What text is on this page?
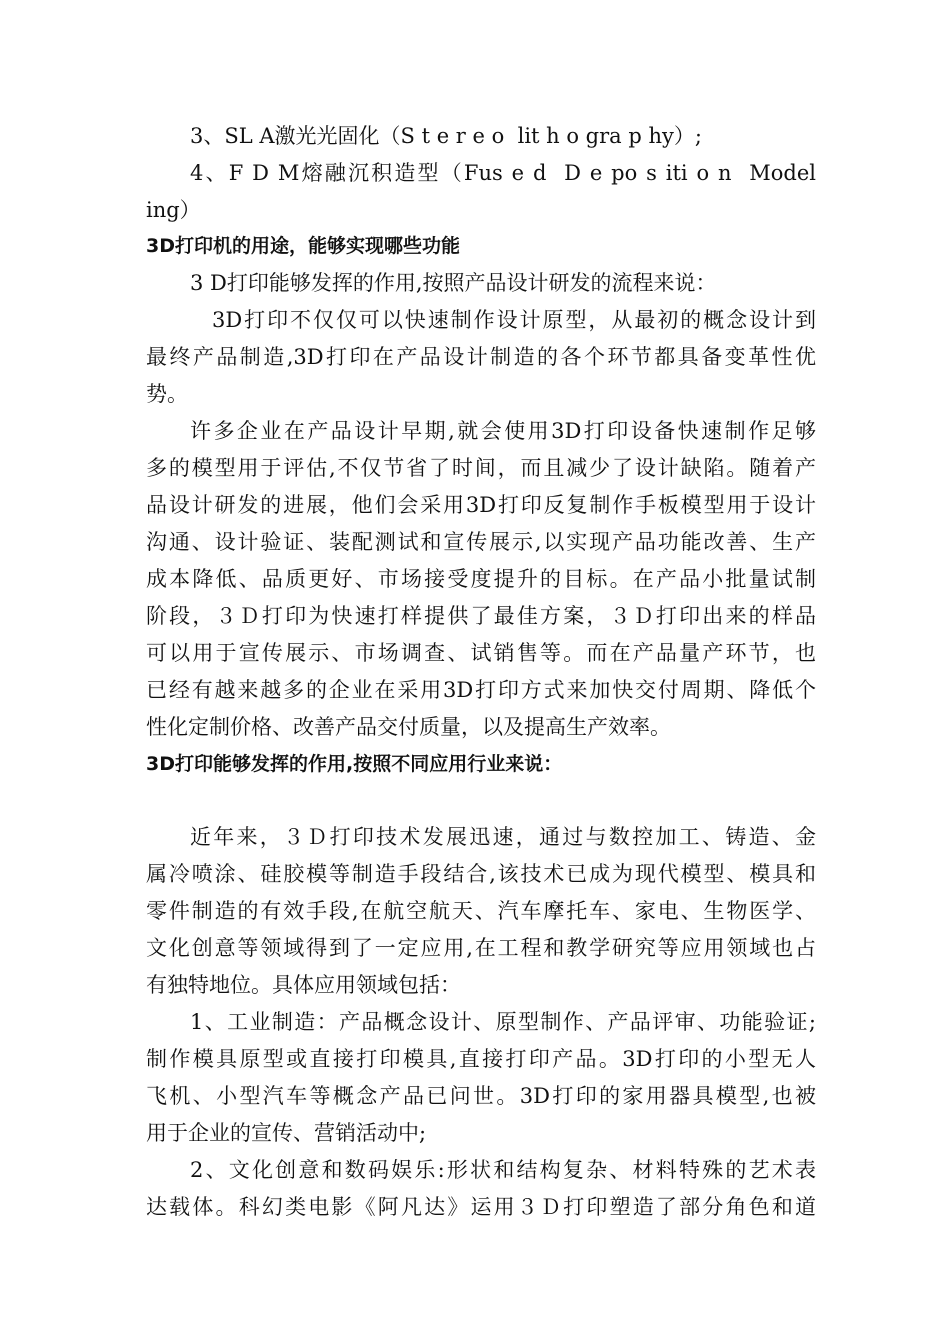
3、SL A激光光固化（S t e r e o  lit h o gra p hy）;
4、F D M熔融沉积造型（Fus e d  D e po s iti o n  Model
ing）
3D打印机的用途，能够实现哪些功能
3 D打印能够发挥的作用,按照产品设计研发的流程来说：
3D打印不仅仅可以快速制作设计原型，从最初的概念设计到
最终产品制造,3D打印在产品设计制造的各个环节都具备变革性优
势。
许多企业在产品设计早期,就会使用3D打印设备快速制作足够
多的模型用于评估,不仅节省了时间，而且减少了设计缺陷。随着产
品设计研发的进展，他们会采用3D打印反复制作手板模型用于设计
沟通、设计验证、装配测试和宣传展示,以实现产品功能改善、生产
成本降低、品质更好、市场接受度提升的目标。在产品小批量试制
阶段，３Ｄ打印为快速打样提供了最佳方案，３Ｄ打印出来的样品
可以用于宣传展示、市场调查、试销售等。而在产品量产环节，也
已经有越来越多的企业在采用3D打印方式来加快交付周期、降低个
性化定制价格、改善产品交付质量，以及提高生产效率。
3D打印能够发挥的作用,按照不同应用行业来说：
近年来，３Ｄ打印技术发展迅速，通过与数控加工、铸造、金
属冷喷涂、硅胶模等制造手段结合,该技术已成为现代模型、模具和
零件制造的有效手段,在航空航天、汽车摩托车、家电、生物医学、
文化创意等领域得到了一定应用,在工程和教学研究等应用领域也占
有独特地位。具体应用领域包括：
1、工业制造：产品概念设计、原型制作、产品评审、功能验证;
制作模具原型或直接打印模具,直接打印产品。3D打印的小型无人
飞机、小型汽车等概念产品已问世。3D打印的家用器具模型,也被
用于企业的宣传、营销活动中;
2、文化创意和数码娱乐:形状和结构复杂、材料特殊的艺术表
达载体。科幻类电影《阿凡达》运用３Ｄ打印塑造了部分角色和道
